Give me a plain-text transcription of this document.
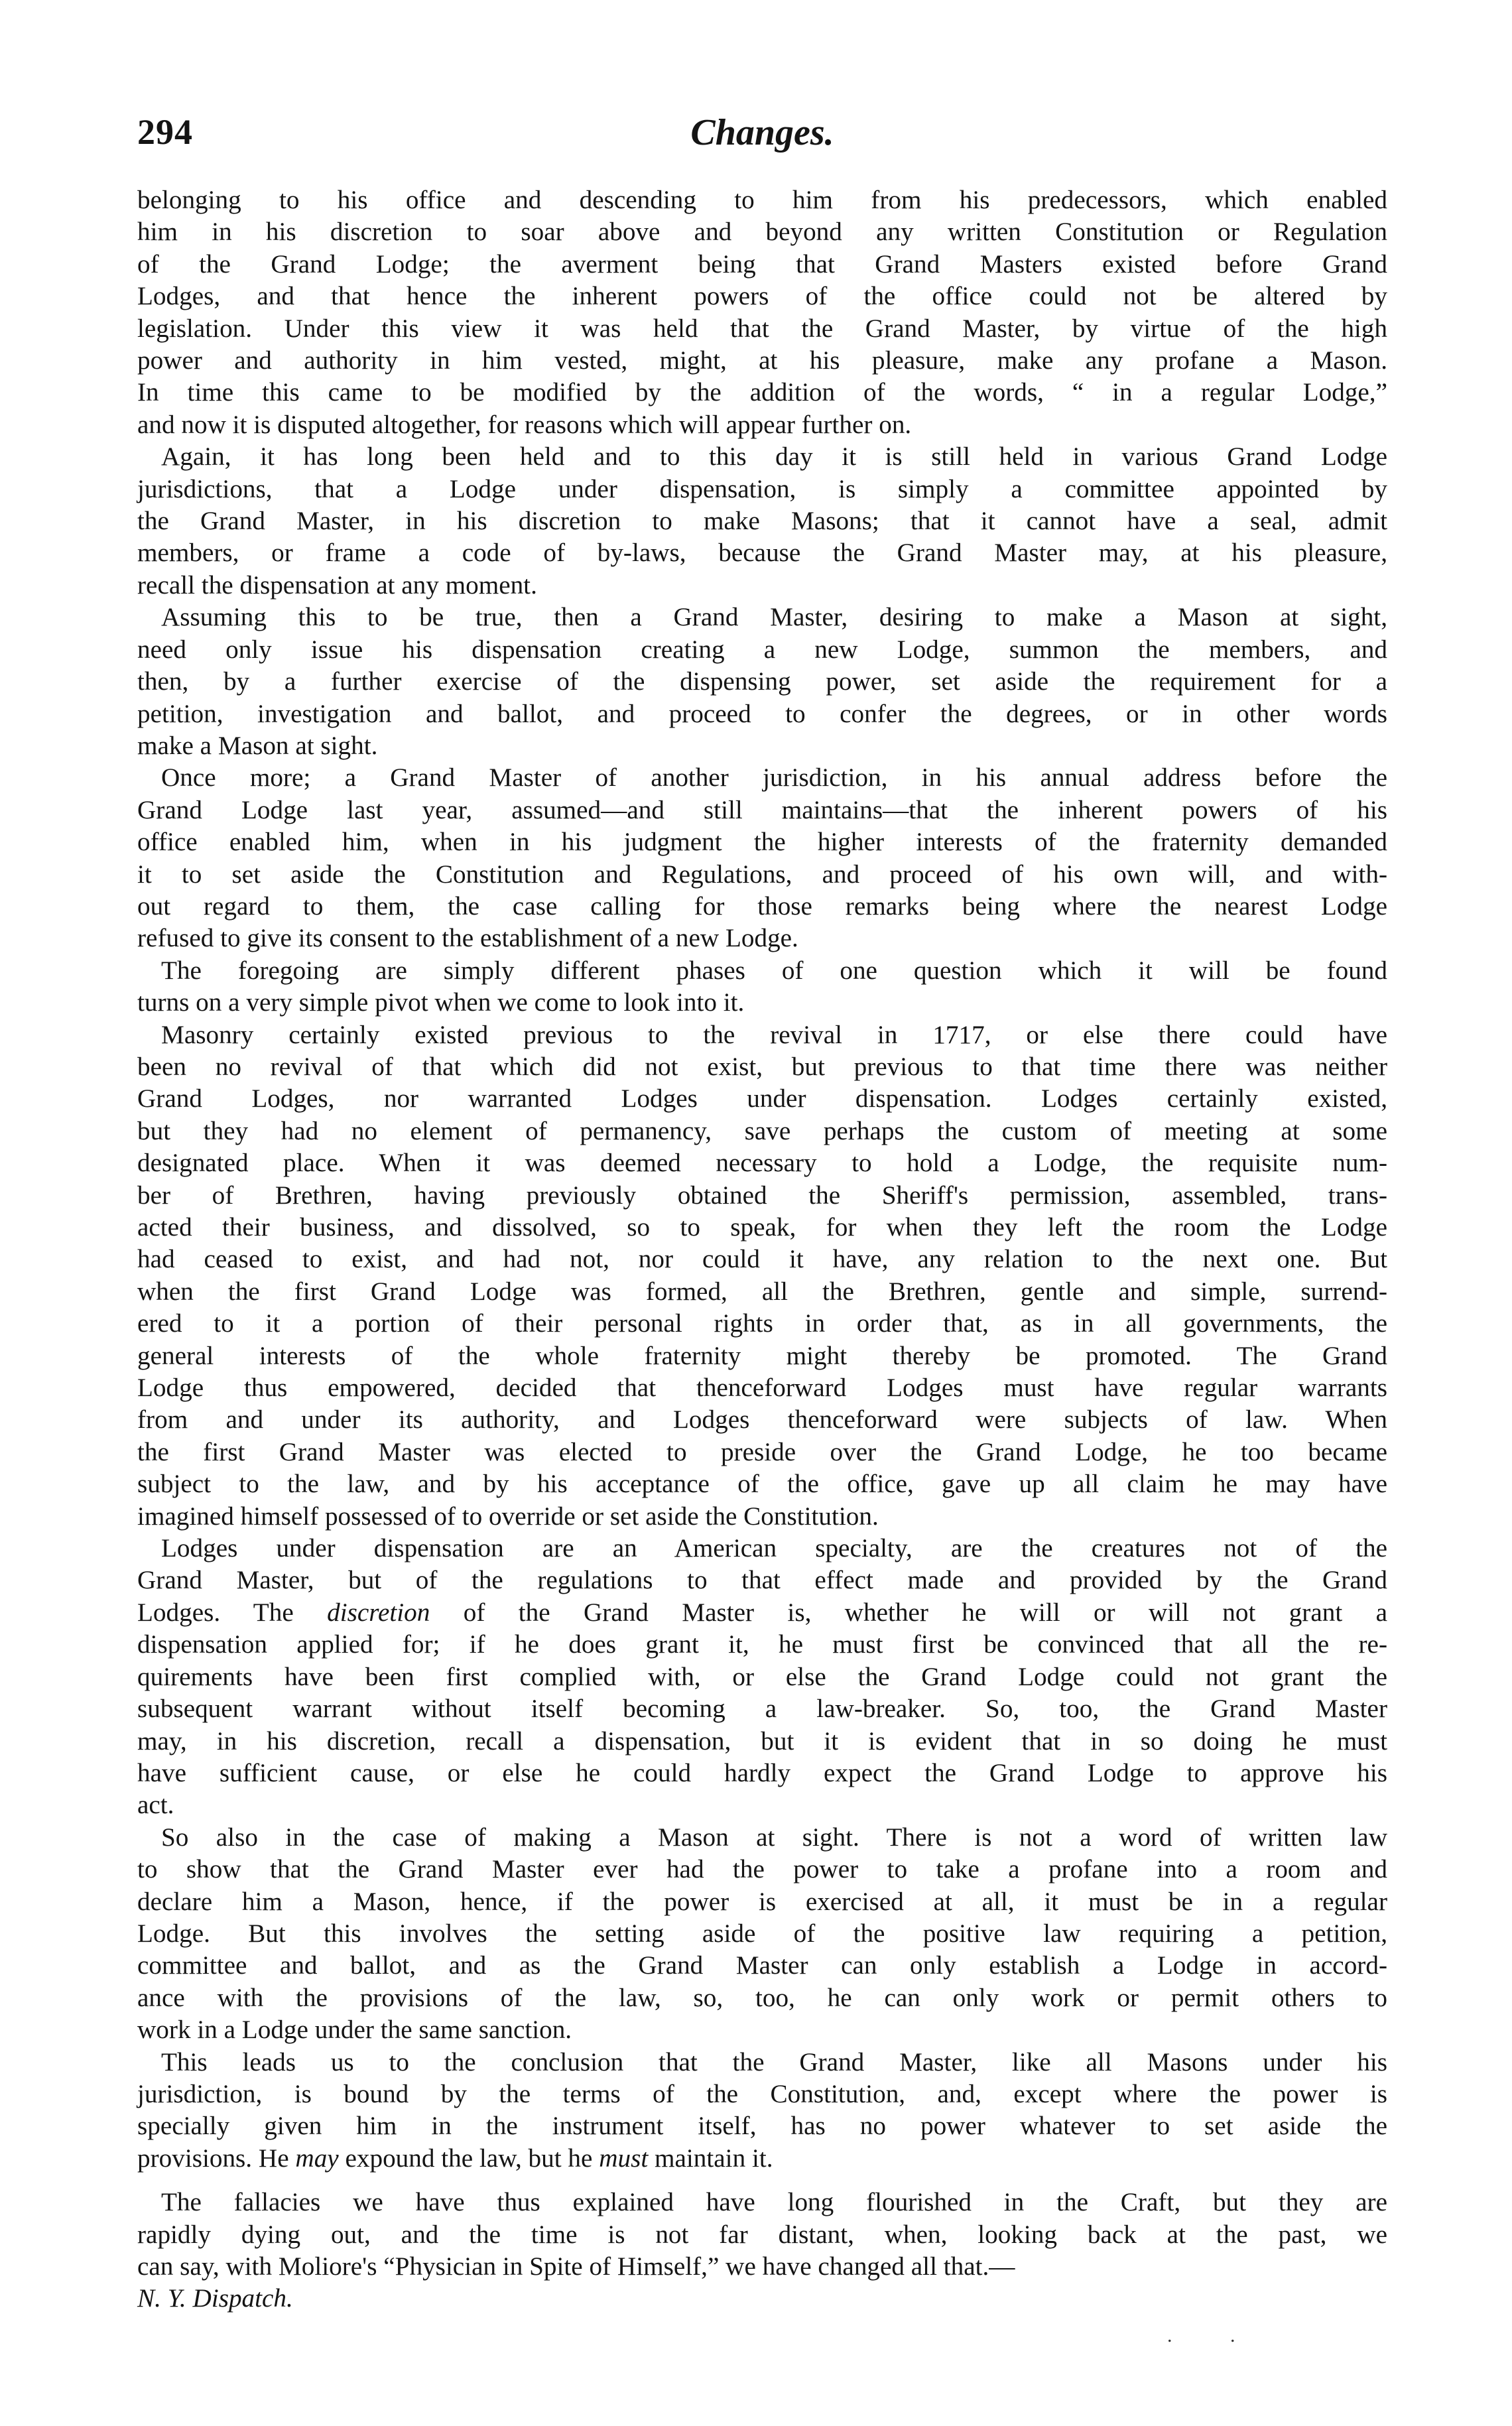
294	Changes.

belonging to his office and descending to him from his predecessors, which enabled
him in his discretion to soar above and beyond any written Constitution or Regulation
of the Grand Lodge; the averment being that Grand Masters existed before Grand
Lodges, and that hence the inherent powers of the office could not be altered by
legislation. Under this view it was held that the Grand Master, by virtue of the high
power and authority in him vested, might, at his pleasure, make any profane a Mason.
In time this came to be modified by the addition of the words, “ in a regular Lodge,”
and now it is disputed altogether, for reasons which will appear further on.

Again, it has long been held and to this day it is still held in various Grand Lodge
jurisdictions, that a Lodge under dispensation, is simply a committee appointed by
the Grand Master, in his discretion to make Masons; that it cannot have a seal, admit
members, or frame a code of by-laws, because the Grand Master may, at his pleasure,
recall the dispensation at any moment.

Assuming this to be true, then a Grand Master, desiring to make a Mason at sight,
need only issue his dispensation creating a new Lodge, summon the members, and
then, by a further exercise of the dispensing power, set aside the requirement for a
petition, investigation and ballot, and proceed to confer the degrees, or in other words
make a Mason at sight.

Once more; a Grand Master of another jurisdiction, in his annual address before the
Grand Lodge last year, assumed—and still maintains—that the inherent powers of his
office enabled him, when in his judgment the higher interests of the fraternity demanded
it to set aside the Constitution and Regulations, and proceed of his own will, and with-
out regard to them, the case calling for those remarks being where the nearest Lodge
refused to give its consent to the establishment of a new Lodge.

The foregoing are simply different phases of one question which it will be found
turns on a very simple pivot when we come to look into it.

Masonry certainly existed previous to the revival in 1717, or else there could have
been no revival of that which did not exist, but previous to that time there was neither
Grand Lodges, nor warranted Lodges under dispensation. Lodges certainly existed,
but they had no element of permanency, save perhaps the custom of meeting at some
designated place. When it was deemed necessary to hold a Lodge, the requisite num-
ber of Brethren, having previously obtained the Sheriff's permission, assembled, trans-
acted their business, and dissolved, so to speak, for when they left the room the Lodge
had ceased to exist, and had not, nor could it have, any relation to the next one. But
when the first Grand Lodge was formed, all the Brethren, gentle and simple, surrend-
ered to it a portion of their personal rights in order that, as in all governments, the
general interests of the whole fraternity might thereby be promoted. The Grand
Lodge thus empowered, decided that thenceforward Lodges must have regular warrants
from and under its authority, and Lodges thenceforward were subjects of law. When
the first Grand Master was elected to preside over the Grand Lodge, he too became
subject to the law, and by his acceptance of the office, gave up all claim he may have
imagined himself possessed of to override or set aside the Constitution.

Lodges under dispensation are an American specialty, are the creatures not of the
Grand Master, but of the regulations to that effect made and provided by the Grand
Lodges. The discretion of the Grand Master is, whether he will or will not grant a
dispensation applied for; if he does grant it, he must first be convinced that all the re-
quirements have been first complied with, or else the Grand Lodge could not grant the
subsequent warrant without itself becoming a law-breaker. So, too, the Grand Master
may, in his discretion, recall a dispensation, but it is evident that in so doing he must
have sufficient cause, or else he could hardly expect the Grand Lodge to approve his
act.

So also in the case of making a Mason at sight. There is not a word of written law
to show that the Grand Master ever had the power to take a profane into a room and
declare him a Mason, hence, if the power is exercised at all, it must be in a regular
Lodge. But this involves the setting aside of the positive law requiring a petition,
committee and ballot, and as the Grand Master can only establish a Lodge in accord-
ance with the provisions of the law, so, too, he can only work or permit others to
work in a Lodge under the same sanction.

This leads us to the conclusion that the Grand Master, like all Masons under his
jurisdiction, is bound by the terms of the Constitution, and, except where the power is
specially given him in the instrument itself, has no power whatever to set aside the
provisions. He may expound the law, but he must maintain it.

The fallacies we have thus explained have long flourished in the Craft, but they are
rapidly dying out, and the time is not far distant, when, looking back at the past, we
can say, with Moliore's “Physician in Spite of Himself,” we have changed all that.—

N. Y. Dispatch.

. .
